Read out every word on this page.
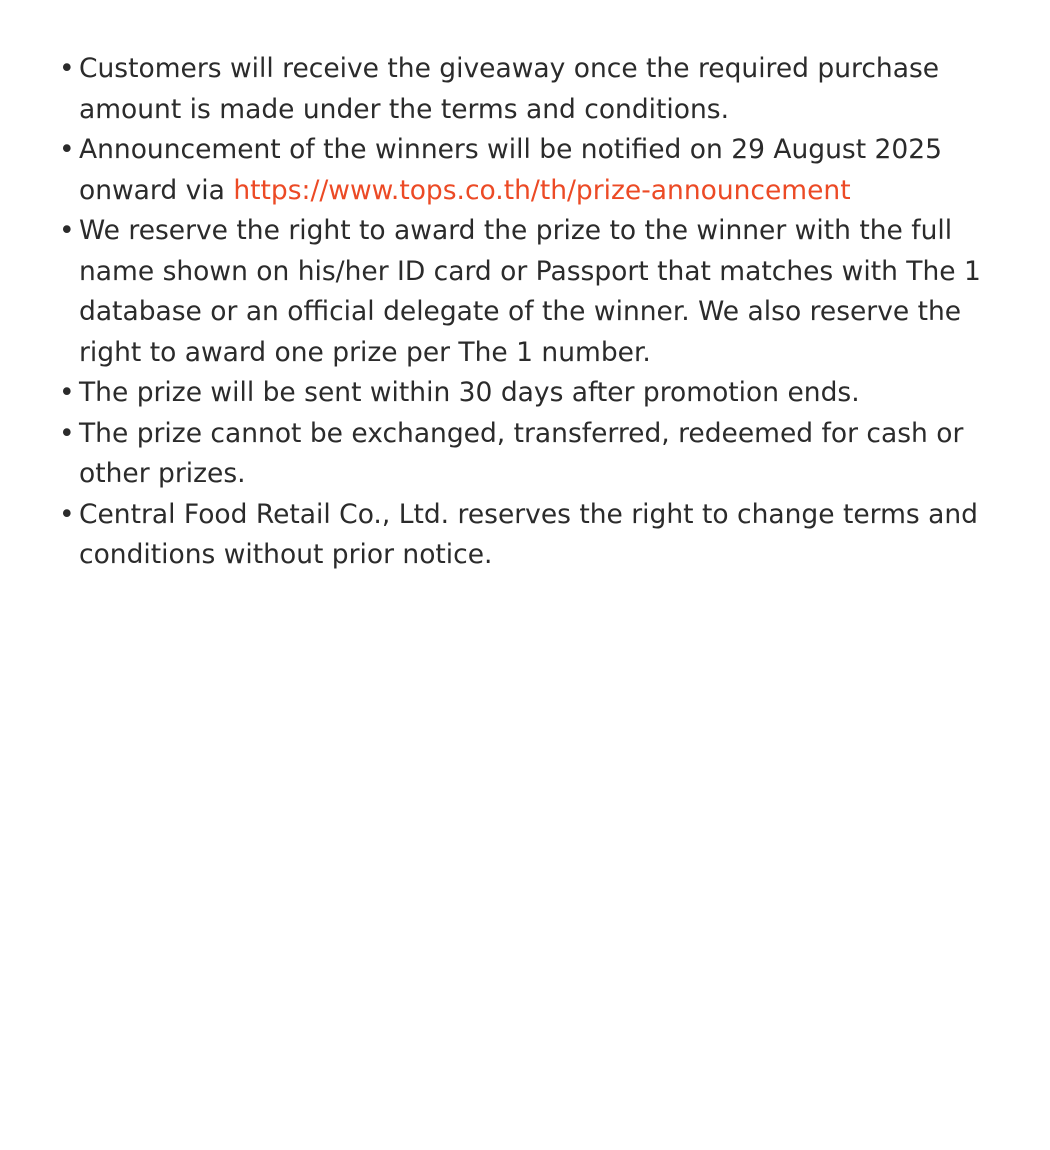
• Customers will receive the giveaway once the required purchase amount is made under the terms and conditions.
• Announcement of the winners will be notified on 29 August 2025 onward via https://www.tops.co.th/th/prize-announcement
• We reserve the right to award the prize to the winner with the full name shown on his/her ID card or Passport that matches with The 1 database or an official delegate of the winner. We also reserve the right to award one prize per The 1 number.
• The prize will be sent within 30 days after promotion ends.
• The prize cannot be exchanged, transferred, redeemed for cash or other prizes.
• Central Food Retail Co., Ltd. reserves the right to change terms and conditions without prior notice.
